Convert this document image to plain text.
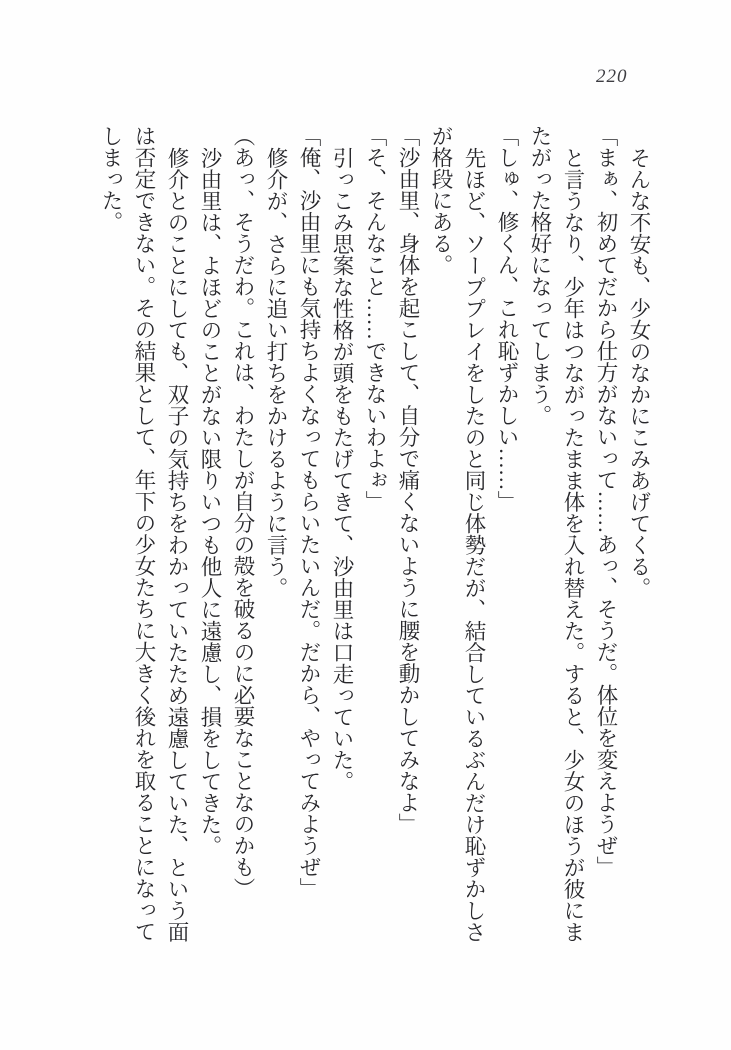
220

そんな不安も、少女のなかにこみあげてくる。

「まぁ、初めてだから仕方がないって……あっ、そうだ。体位を変えようぜ」

と言うなり、少年はつながったまま体を入れ替えた。すると、少女のほうが彼にまたがった格好になってしまう。

「しゅ、修くん、これ恥ずかしい……」

先ほど、ソーププレイをしたのと同じ体勢だが、結合しているぶんだけ恥ずかしさが格段にある。

「沙由里、身体を起こして、自分で痛くないように腰を動かしてみなよ」

「そ、そんなこと……できないわよぉ」

引っこみ思案な性格が頭をもたげてきて、沙由里は口走っていた。

「俺、沙由里にも気持ちよくなってもらいたいんだ。だから、やってみようぜ」

修介が、さらに追い打ちをかけるように言う。

（あっ、そうだわ。これは、わたしが自分の殻を破るのに必要なことなのかも）

沙由里は、よほどのことがない限りいつも他人に遠慮し、損をしてきた。

修介とのことにしても、双子の気持ちをわかっていたため遠慮していた、という面は否定できない。その結果として、年下の少女たちに大きく後れを取ることになってしまった。
